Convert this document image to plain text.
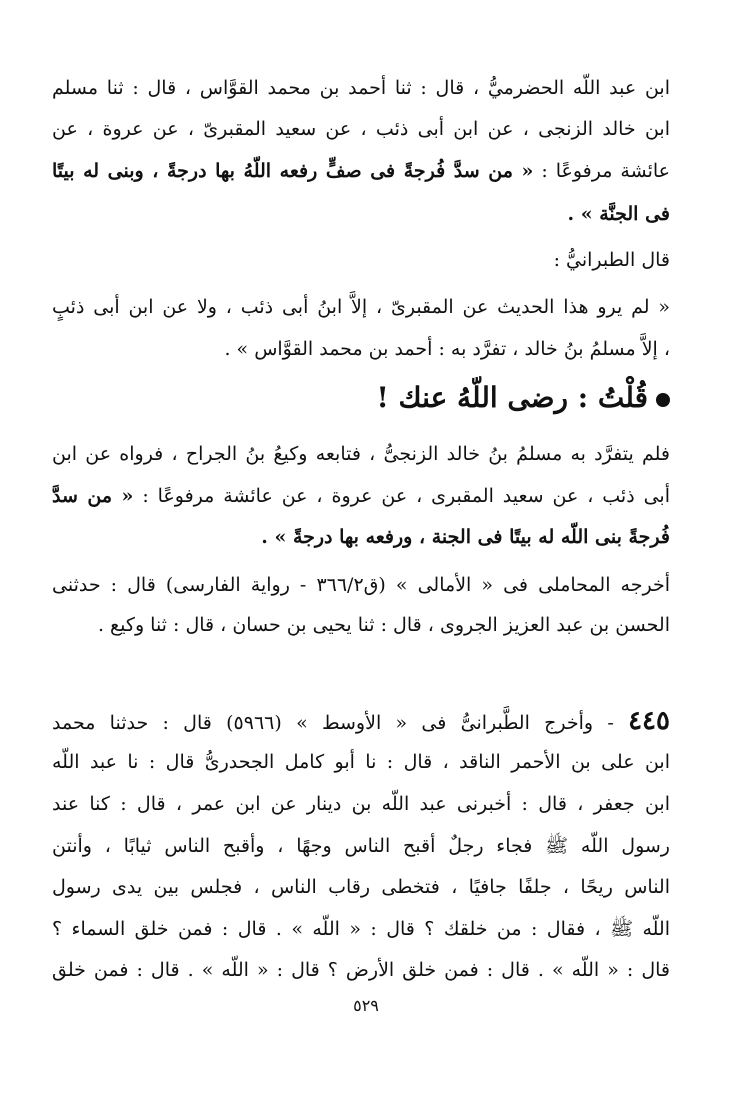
ابن عبد اللّه الحضرميُّ ، قال : ثنا أحمد بن محمد القوَّاس ، قال : ثنا مسلم
ابن خالد الزنجى ، عن ابن أبى ذئب ، عن سعيد المقبرىّ ، عن عروة ، عن
عائشة مرفوعًا : « من سدَّ فُرجةً فى صفٍّ رفعه اللّهُ بها درجةً ، وبنى له بيتًا
فى الجنَّة » .
قال الطبرانيُّ :
« لم يرو هذا الحديث عن المقبرىّ ، إلاَّ ابنُ أبى ذئب ، ولا عن ابن أبى ذئبٍ
، إلاَّ مسلمُ بنُ خالد ، تفرَّد به : أحمد بن محمد القوَّاس » .
قُلْتُ : رضى اللّهُ عنك !
فلم يتفرَّد به مسلمُ بنُ خالد الزنجىُّ ، فتابعه وكيعُ بنُ الجراح ، فرواه عن ابن
أبى ذئب ، عن سعيد المقبرى ، عن عروة ، عن عائشة مرفوعًا : « من سدَّ
فُرجةً بنى اللّه له بيتًا فى الجنة ، ورفعه بها درجةً » .
أخرجه المحاملى فى « الأمالى » (ق٣٦٦/٢ - رواية الفارسى) قال : حدثنى
الحسن بن عبد العزيز الجروى ، قال : ثنا يحيى بن حسان ، قال : ثنا وكيع .
٤٤٥ - وأخرج الطَّبرانىُّ فى « الأوسط » (٥٩٦٦) قال : حدثنا محمد
ابن على بن الأحمر الناقد ، قال : نا أبو كامل الجحدرىُّ قال : نا عبد اللّه
ابن جعفر ، قال : أخبرنى عبد اللّه بن دينار عن ابن عمر ، قال : كنا عند
رسول اللّه ﷺ فجاء رجلٌ أقبح الناس وجهًا ، وأقبح الناس ثيابًا ، وأنتن
الناس ريحًا ، جلفًا جافيًا ، فتخطى رقاب الناس ، فجلس بين يدى رسول
اللّه ﷺ ، فقال : من خلقك ؟ قال : « اللّه » . قال : فمن خلق السماء ؟
قال : « اللّه » . قال : فمن خلق الأرض ؟ قال : « اللّه » . قال : فمن خلق
٥٢٩
